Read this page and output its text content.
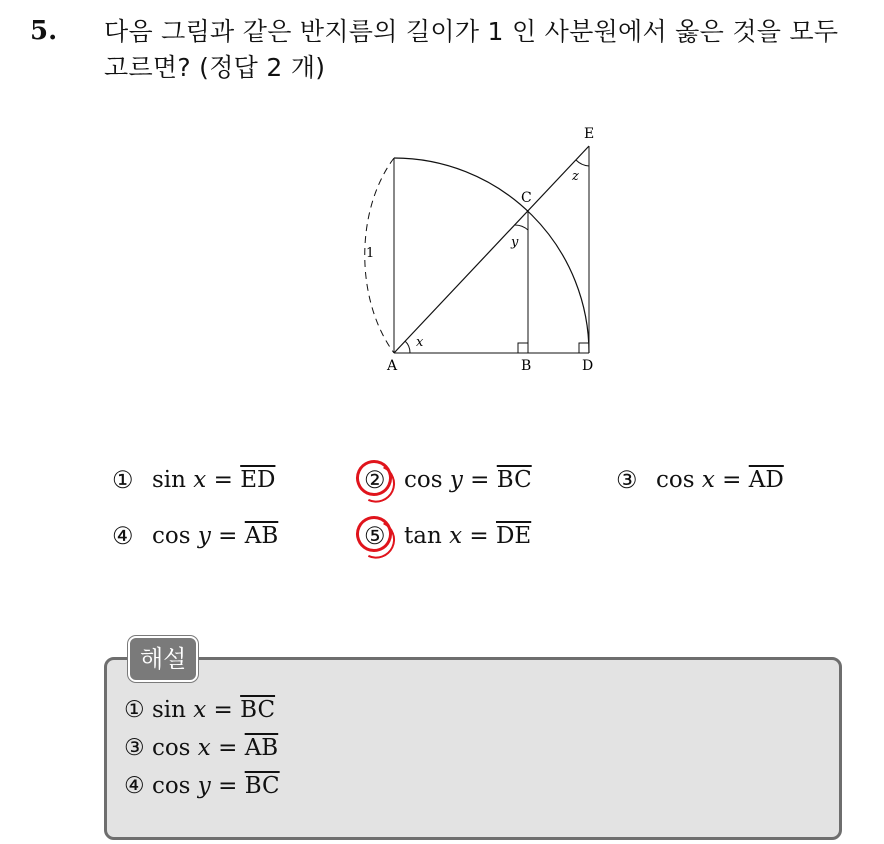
5. 다음 그림과 같은 반지름의 길이가 1 인 사분원에서 옳은 것을 모두
고르면? (정답 2 개)
A	B	D
C
E
x
y
z
1
① sin
$x = \overline{ED}$	② cos
$y = \overline{BC}$	③ cos
$x = \overline{AD}$
④ cos
$y = \overline{AB}$	⑤ tan
$x = \overline{DE}$
해설
① $\sin x = \overline{BC}$
③ $\cos x = \overline{AB}$
④ $\cos y = \overline{BC}$
